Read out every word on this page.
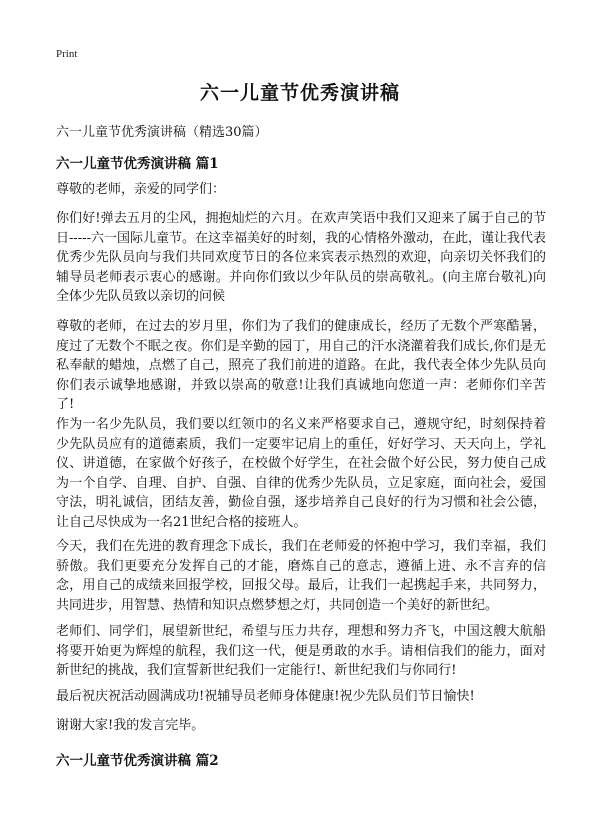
Print
六一儿童节优秀演讲稿
六一儿童节优秀演讲稿（精选30篇）
六一儿童节优秀演讲稿 篇1
尊敬的老师，亲爱的同学们：
你们好!弹去五月的尘风，拥抱灿烂的六月。在欢声笑语中我们又迎来了属于自己的节日-----六一国际儿童节。在这幸福美好的时刻，我的心情格外激动，在此，谨让我代表优秀少先队员向与我们共同欢度节日的各位来宾表示热烈的欢迎，向亲切关怀我们的辅导员老师表示衷心的感谢。并向你们致以少年队员的崇高敬礼。(向主席台敬礼)向全体少先队员致以亲切的问候
尊敬的老师，在过去的岁月里，你们为了我们的健康成长，经历了无数个严寒酷暑，度过了无数个不眠之夜。你们是辛勤的园丁，用自己的汗水浇灌着我们成长,你们是无私奉献的蜡烛，点燃了自己，照亮了我们前进的道路。在此，我代表全体少先队员向你们表示诚挚地感谢，并致以崇高的敬意!让我们真诚地向您道一声：老师你们辛苦了!
作为一名少先队员，我们要以红领巾的名义来严格要求自己，遵规守纪，时刻保持着少先队员应有的道德素质，我们一定要牢记肩上的重任，好好学习、天天向上，学礼仪、讲道德，在家做个好孩子，在校做个好学生，在社会做个好公民，努力使自己成为一个自学、自理、自护、自强、自律的优秀少先队员，立足家庭，面向社会，爱国守法，明礼诚信，团结友善，勤俭自强，逐步培养自己良好的行为习惯和社会公德，让自己尽快成为一名21世纪合格的接班人。
今天，我们在先进的教育理念下成长，我们在老师爱的怀抱中学习，我们幸福，我们骄傲。我们更要充分发挥自己的才能，磨炼自己的意志，遵循上进、永不言弃的信念，用自己的成绩来回报学校，回报父母。最后，让我们一起携起手来，共同努力，共同进步，用智慧、热情和知识点燃梦想之灯，共同创造一个美好的新世纪。
老师们、同学们，展望新世纪，希望与压力共存，理想和努力齐飞，中国这艘大航船将要开始更为辉煌的航程，我们这一代，便是勇敢的水手。请相信我们的能力，面对新世纪的挑战，我们宣誓新世纪我们一定能行!、新世纪我们与你同行!
最后祝庆祝活动圆满成功!祝辅导员老师身体健康!祝少先队员们节日愉快!
谢谢大家!我的发言完毕。
六一儿童节优秀演讲稿 篇2
